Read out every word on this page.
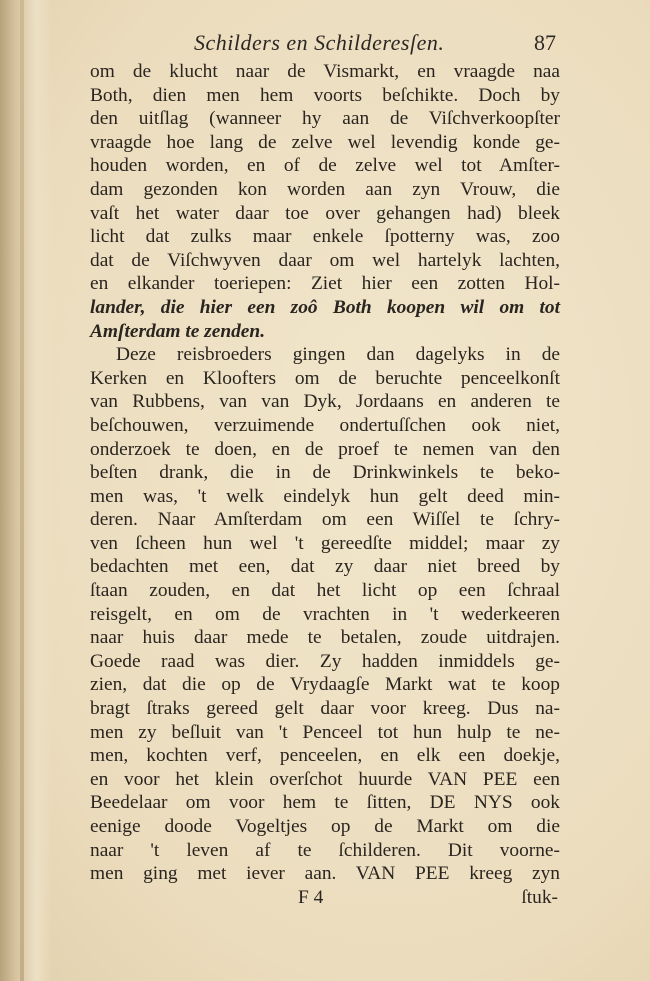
Schilders en Schilderesſen.	87
om de klucht naar de Vismarkt, en vraagde naa
Both, dien men hem voorts beſchikte. Doch by
den uitſlag (wanneer hy aan de Viſchverkoopſter
vraagde hoe lang de zelve wel levendig konde ge-
houden worden, en of de zelve wel tot Amſter-
dam gezonden kon worden aan zyn Vrouw, die
vaſt het water daar toe over gehangen had) bleek
licht dat zulks maar enkele ſpotterny was, zoo
dat de Viſchwyven daar om wel hartelyk lachten,
en elkander toeriepen: Ziet hier een zotten Hol-
lander, die hier een zoô Both koopen wil om tot
Amſterdam te zenden.
Deze reisbroeders gingen dan dagelyks in de
Kerken en Kloofters om de beruchte penceelkonſt
van Rubbens, van van Dyk, Jordaans en anderen te
beſchouwen, verzuimende ondertuſſchen ook niet,
onderzoek te doen, en de proef te nemen van den
beſten drank, die in de Drinkwinkels te beko-
men was, 't welk eindelyk hun gelt deed min-
deren. Naar Amſterdam om een Wiſſel te ſchry-
ven ſcheen hun wel 't gereedſte middel; maar zy
bedachten met een, dat zy daar niet breed by
ſtaan zouden, en dat het licht op een ſchraal
reisgelt, en om de vrachten in 't wederkeeren
naar huis daar mede te betalen, zoude uitdrajen.
Goede raad was dier. Zy hadden inmiddels ge-
zien, dat die op de Vrydaagſe Markt wat te koop
bragt ſtraks gereed gelt daar voor kreeg. Dus na-
men zy beſluit van 't Penceel tot hun hulp te ne-
men, kochten verf, penceelen, en elk een doekje,
en voor het klein overſchot huurde VAN PEE een
Beedelaar om voor hem te ſitten, DE NYS ook
eenige doode Vogeltjes op de Markt om die
naar 't leven af te ſchilderen. Dit voorne-
men ging met iever aan. VAN PEE kreeg zyn
F 4	ſtuk-
